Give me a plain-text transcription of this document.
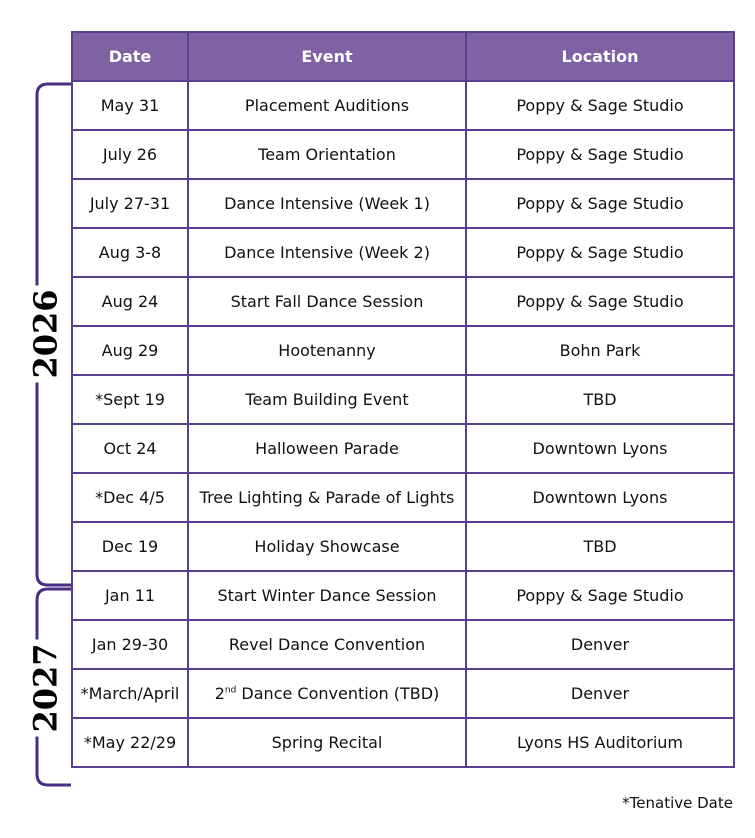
Date	Event	Location
May 31	Placement Auditions	Poppy & Sage Studio
July 26	Team Orientation	Poppy & Sage Studio
July 27-31	Dance Intensive (Week 1)	Poppy & Sage Studio
Aug 3-8	Dance Intensive (Week 2)	Poppy & Sage Studio
Aug 24	Start Fall Dance Session	Poppy & Sage Studio
Aug 29	Hootenanny	Bohn Park
*Sept 19	Team Building Event	TBD
Oct 24	Halloween Parade	Downtown Lyons
*Dec 4/5	Tree Lighting & Parade of Lights	Downtown Lyons
Dec 19	Holiday Showcase	TBD
Jan 11	Start Winter Dance Session	Poppy & Sage Studio
Jan 29-30	Revel Dance Convention	Denver
*March/April	2nd Dance Convention (TBD)	Denver
*May 22/29	Spring Recital	Lyons HS Auditorium
2026
2027
*Tenative Date
